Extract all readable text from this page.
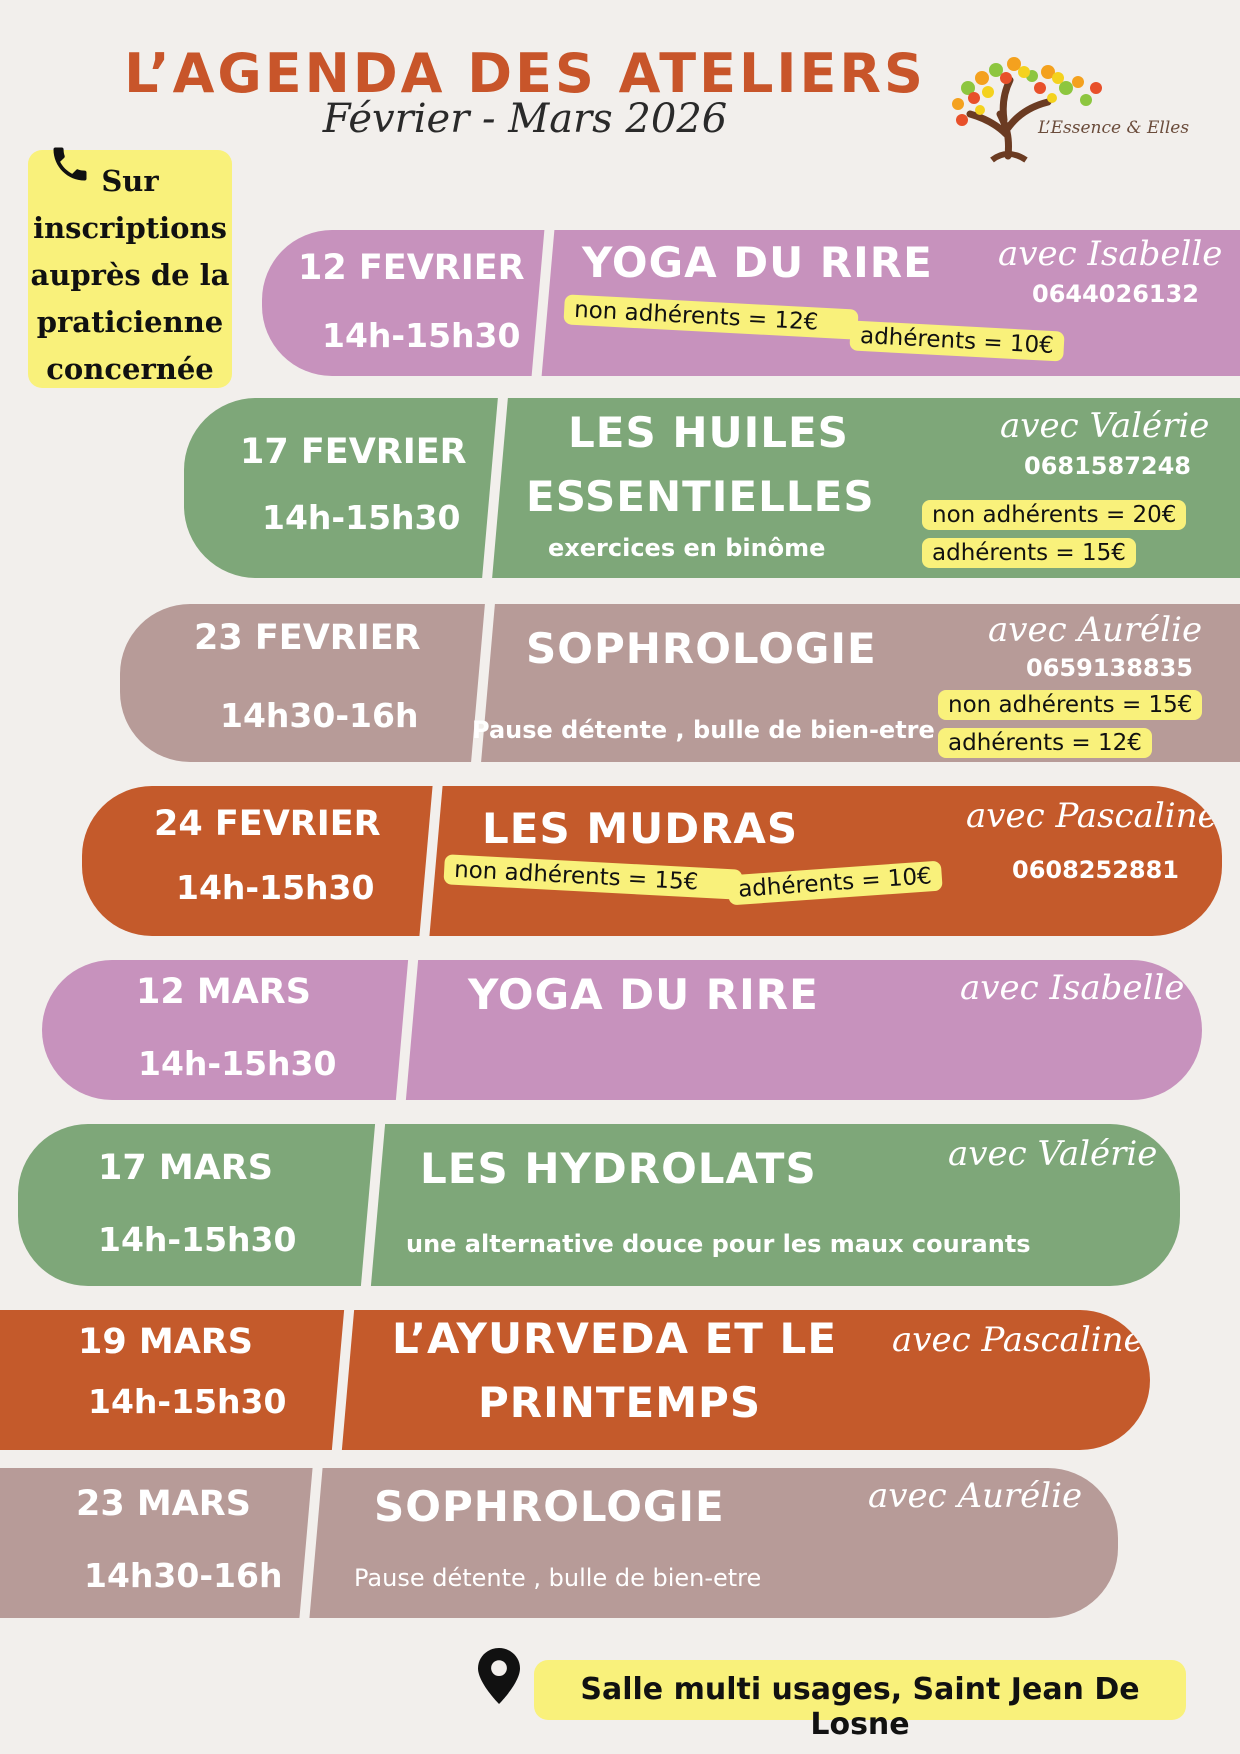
L’AGENDA DES ATELIERS
Février - Mars 2026	L’Essence & Elles
Sur
inscriptions
auprès de la
praticienne
concernée
12 FEVRIER
14h-15h30
YOGA DU RIRE avec Isabelle
0644026132
non adhérents = 12€
adhérents = 10€
17 FEVRIER
14h-15h30
LES HUILES
ESSENTIELLES
exercices en binôme
avec Valérie
0681587248
non adhérents = 20€
adhérents = 15€
23 FEVRIER
14h30-16h
SOPHROLOGIE
Pause détente , bulle de bien-etre
avec Aurélie
0659138835
non adhérents = 15€
adhérents = 12€
24 FEVRIER
14h-15h30
LES MUDRAS	avec Pascaline
0608252881
non adhérents = 15€	adhérents = 10€
12 MARS
14h-15h30
YOGA DU RIRE	avec Isabelle
17 MARS
14h-15h30
LES HYDROLATS
une alternative douce pour les maux courants
avec Valérie
19 MARS
14h-15h30
L’AYURVEDA ET LE
PRINTEMPS
avec Pascaline
23 MARS
14h30-16h
SOPHROLOGIE
Pause détente , bulle de bien-etre
avec Aurélie
Salle multi usages, Saint Jean De Losne
